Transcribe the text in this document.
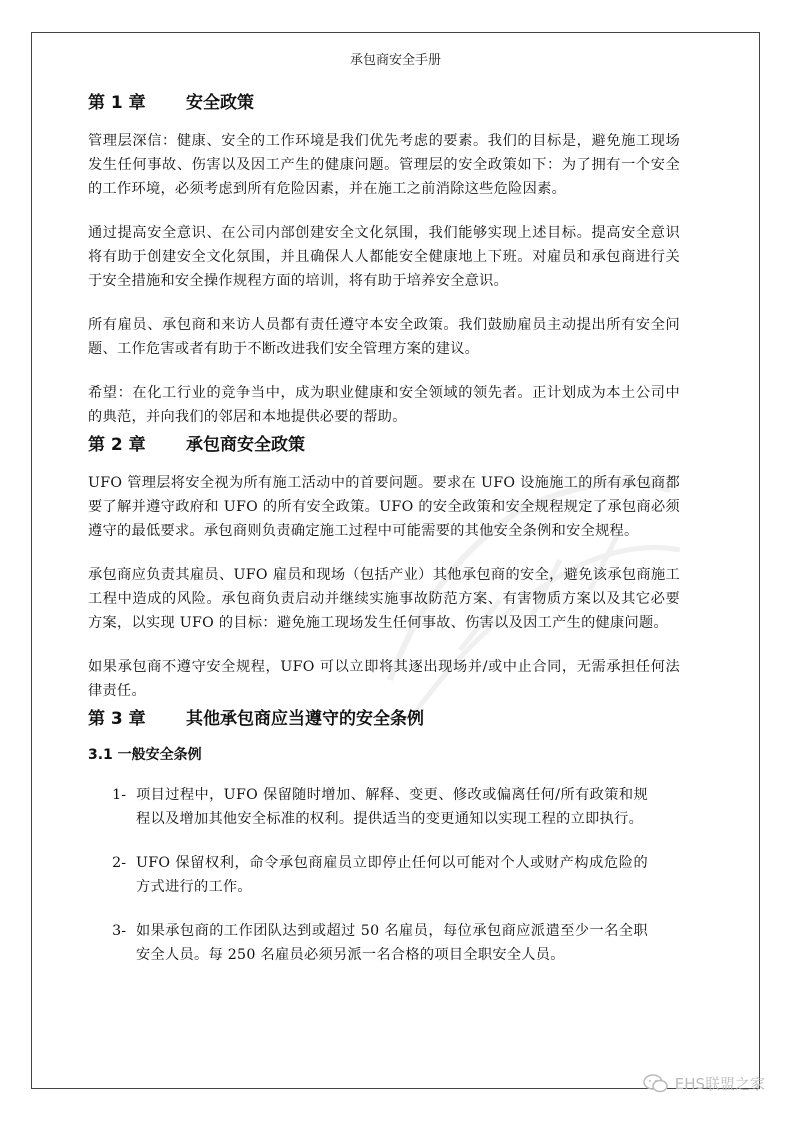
承包商安全手册
第 1 章	安全政策

管理层深信：健康、安全的工作环境是我们优先考虑的要素。我们的目标是，避免施工现场发生任何事故、伤害以及因工产生的健康问题。管理层的安全政策如下：为了拥有一个安全的工作环境，必须考虑到所有危险因素，并在施工之前消除这些危险因素。

通过提高安全意识、在公司内部创建安全文化氛围，我们能够实现上述目标。提高安全意识将有助于创建安全文化氛围，并且确保人人都能安全健康地上下班。对雇员和承包商进行关于安全措施和安全操作规程方面的培训，将有助于培养安全意识。

所有雇员、承包商和来访人员都有责任遵守本安全政策。我们鼓励雇员主动提出所有安全问题、工作危害或者有助于不断改进我们安全管理方案的建议。

希望：在化工行业的竞争当中，成为职业健康和安全领域的领先者。正计划成为本土公司中的典范，并向我们的邻居和本地提供必要的帮助。

第 2 章	承包商安全政策

UFO 管理层将安全视为所有施工活动中的首要问题。要求在 UFO 设施施工的所有承包商都要了解并遵守政府和 UFO 的所有安全政策。UFO 的安全政策和安全规程规定了承包商必须遵守的最低要求。承包商则负责确定施工过程中可能需要的其他安全条例和安全规程。

承包商应负责其雇员、UFO 雇员和现场（包括产业）其他承包商的安全，避免该承包商施工工程中造成的风险。承包商负责启动并继续实施事故防范方案、有害物质方案以及其它必要方案，以实现 UFO 的目标：避免施工现场发生任何事故、伤害以及因工产生的健康问题。

如果承包商不遵守安全规程，UFO 可以立即将其逐出现场并/或中止合同，无需承担任何法律责任。

第 3 章	其他承包商应当遵守的安全条例
3.1 一般安全条例
1- 项目过程中，UFO 保留随时增加、解释、变更、修改或偏离任何/所有政策和规程以及增加其他安全标准的权利。提供适当的变更通知以实现工程的立即执行。
2- UFO 保留权利，命令承包商雇员立即停止任何以可能对个人或财产构成危险的方式进行的工作。
3- 如果承包商的工作团队达到或超过 50 名雇员，每位承包商应派遣至少一名全职安全人员。每 250 名雇员必须另派一名合格的项目全职安全人员。
EHS联盟之家
